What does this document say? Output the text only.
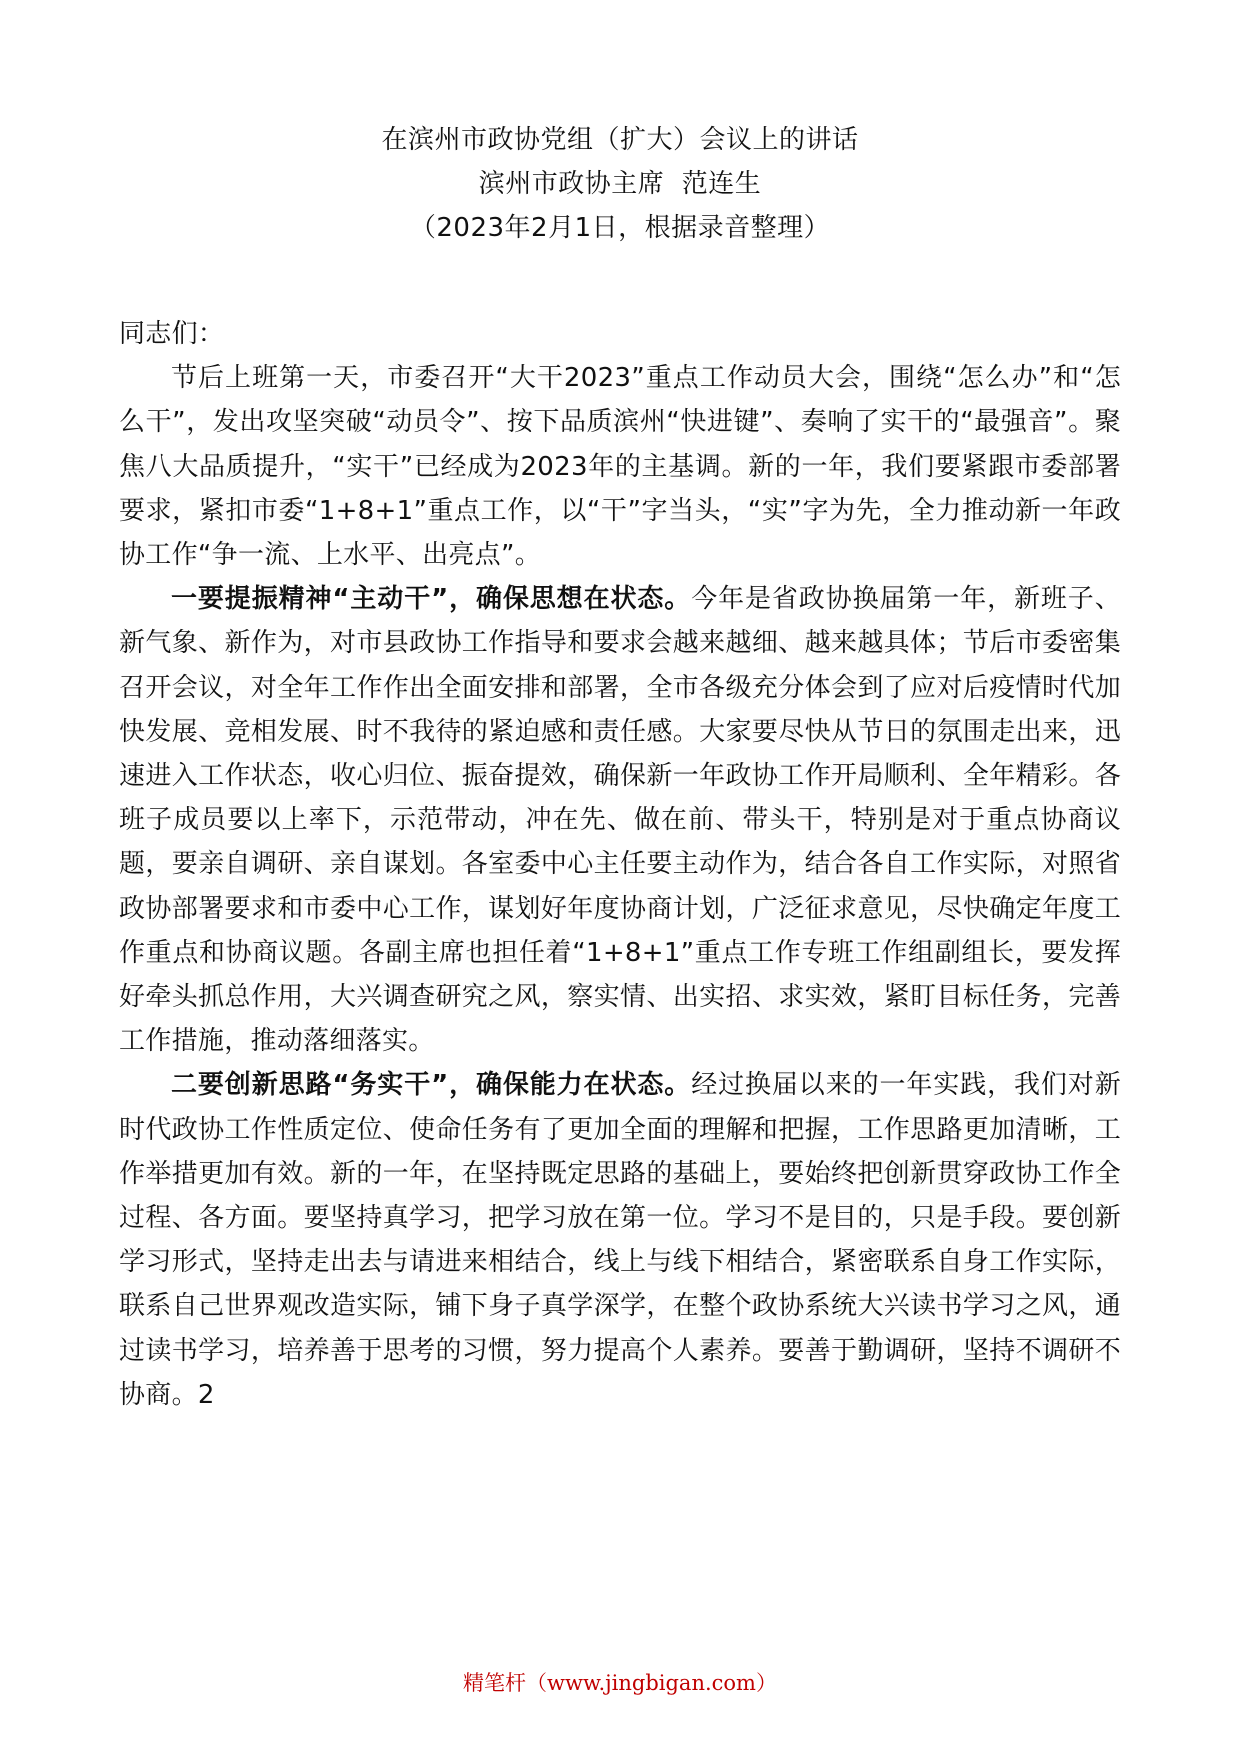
在滨州市政协党组（扩大）会议上的讲话
滨州市政协主席  范连生
（2023年2月1日，根据录音整理）

同志们：

节后上班第一天，市委召开“大干2023”重点工作动员大会，围绕“怎么办”和“怎么干”，发出攻坚突破“动员令”、按下品质滨州“快进键”、奏响了实干的“最强音”。聚焦八大品质提升，“实干”已经成为2023年的主基调。新的一年，我们要紧跟市委部署要求，紧扣市委“1+8+1”重点工作，以“干”字当头，“实”字为先，全力推动新一年政协工作“争一流、上水平、出亮点”。

一要提振精神“主动干”，确保思想在状态。今年是省政协换届第一年，新班子、新气象、新作为，对市县政协工作指导和要求会越来越细、越来越具体；节后市委密集召开会议，对全年工作作出全面安排和部署，全市各级充分体会到了应对后疫情时代加快发展、竞相发展、时不我待的紧迫感和责任感。大家要尽快从节日的氛围走出来，迅速进入工作状态，收心归位、振奋提效，确保新一年政协工作开局顺利、全年精彩。各班子成员要以上率下，示范带动，冲在先、做在前、带头干，特别是对于重点协商议题，要亲自调研、亲自谋划。各室委中心主任要主动作为，结合各自工作实际，对照省政协部署要求和市委中心工作，谋划好年度协商计划，广泛征求意见，尽快确定年度工作重点和协商议题。各副主席也担任着“1+8+1”重点工作专班工作组副组长，要发挥好牵头抓总作用，大兴调查研究之风，察实情、出实招、求实效，紧盯目标任务，完善工作措施，推动落细落实。

二要创新思路“务实干”，确保能力在状态。经过换届以来的一年实践，我们对新时代政协工作性质定位、使命任务有了更加全面的理解和把握，工作思路更加清晰，工作举措更加有效。新的一年，在坚持既定思路的基础上，要始终把创新贯穿政协工作全过程、各方面。要坚持真学习，把学习放在第一位。学习不是目的，只是手段。要创新学习形式，坚持走出去与请进来相结合，线上与线下相结合，紧密联系自身工作实际，联系自己世界观改造实际，铺下身子真学深学，在整个政协系统大兴读书学习之风，通过读书学习，培养善于思考的习惯，努力提高个人素养。要善于勤调研，坚持不调研不协商。2

精笔杆（www.jingbigan.com）
